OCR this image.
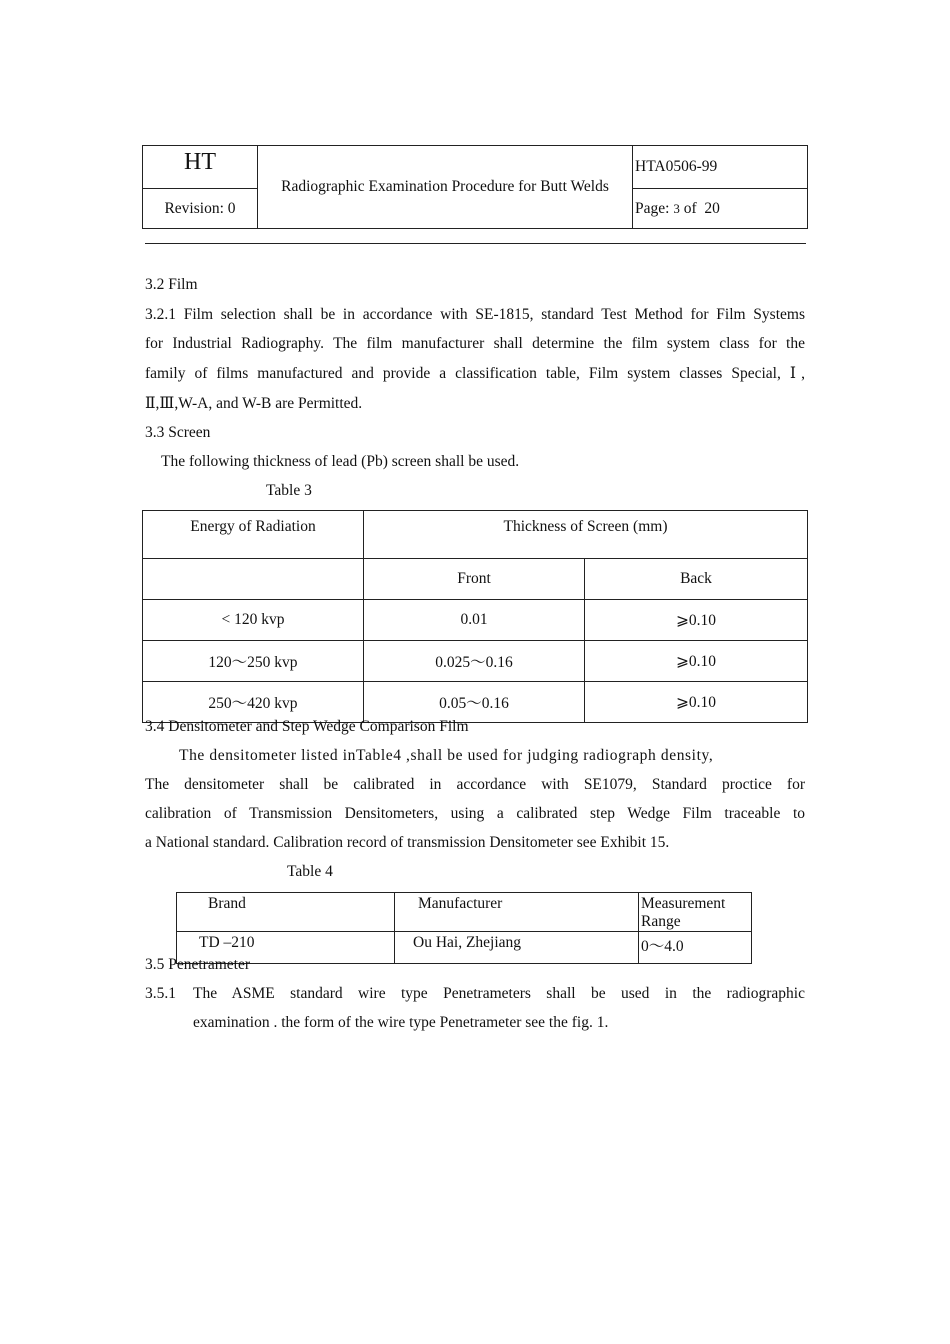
HT	Radiographic Examination Procedure for Butt Welds	HTA0506-99
Revision: 0		Page: 3 of  20
3.2 Film
3.2.1 Film selection shall be in accordance with SE-1815, standard Test Method for Film Systems
for Industrial Radiography. The film manufacturer shall determine the film system class for the
family of films manufactured and provide a classification table, Film system classes Special, Ⅰ,
Ⅱ,Ⅲ,W-A, and W-B are Permitted.
3.3 Screen
The following thickness of lead (Pb) screen shall be used.
Table 3
Energy of Radiation	Thickness of Screen (mm)	
	Front	Back
< 120 kvp	0.01	⩾0.10
120～250 kvp	0.025～0.16	⩾0.10
250～420 kvp	0.05～0.16	⩾0.10
3.4 Densitometer and Step Wedge Comparison Film
The densitometer listed inTable4 ,shall be used for judging radiograph density,
The densitometer shall be calibrated in accordance with SE1079, Standard proctice for
calibration of Transmission Densitometers, using a calibrated step Wedge Film traceable to
a National standard. Calibration record of transmission Densitometer see Exhibit 15.
Table 4
Brand	Manufacturer	Measurement Range
TD –210	Ou Hai, Zhejiang	0～4.0
3.5 Penetrameter
3.5.1	The ASME standard wire type Penetrameters shall be used in the radiographic
examination . the form of the wire type Penetrameter see the fig. 1.
